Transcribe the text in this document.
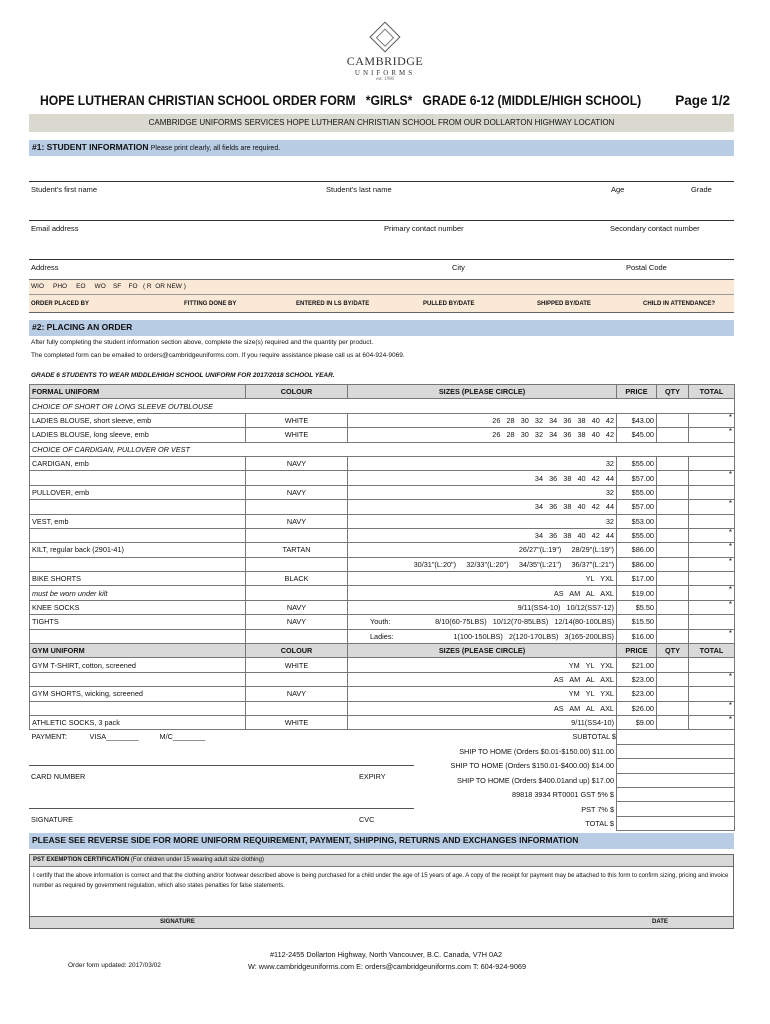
CAMBRIDGE
UNIFORMS
est. 1996
HOPE LUTHERAN CHRISTIAN SCHOOL ORDER FORM   *GIRLS*   GRADE 6-12 (MIDDLE/HIGH SCHOOL)	Page 1/2
CAMBRIDGE UNIFORMS SERVICES HOPE LUTHERAN CHRISTIAN SCHOOL FROM OUR DOLLARTON HIGHWAY LOCATION
#1: STUDENT INFORMATION Please print clearly, all fields are required.
Student's first name	Student's last name	Age	Grade
Email address	Primary contact number	Secondary contact number
Address	City	Postal Code
WIO     PHO     EO     WO    SF    FO   ( R  OR NEW )
ORDER PLACED BY	FITTING DONE BY	ENTERED IN LS BY/DATE	PULLED BY/DATE	SHIPPED BY/DATE	CHILD IN ATTENDANCE?
#2: PLACING AN ORDER
After fully completing the student information section above, complete the size(s) required and the quantity per product.
The completed form can be emailed to orders@cambridgeuniforms.com. If you require assistance please call us at 604-924-9069.
GRADE 6 STUDENTS TO WEAR MIDDLE/HIGH SCHOOL UNIFORM FOR 2017/2018 SCHOOL YEAR.
FORMAL UNIFORM	COLOUR	SIZES (PLEASE CIRCLE)	PRICE	QTY	TOTAL
CHOICE OF SHORT OR LONG SLEEVE OUTBLOUSE					
LADIES BLOUSE, short sleeve, emb	WHITE	26   28   30   32   34   36   38   40   42	$43.00		*
LADIES BLOUSE, long sleeve, emb	WHITE	26   28   30   32   34   36   38   40   42	$45.00		*
CHOICE OF CARDIGAN, PULLOVER OR VEST					
CARDIGAN, emb	NAVY	32	$55.00		
		34   36   38   40   42   44	$57.00		*
PULLOVER, emb	NAVY	32	$55.00		
		34   36   38   40   42   44	$57.00		*
VEST, emb	NAVY	32	$53.00		
		34   36   38   40   42   44	$55.00		*
KILT, regular back (2901-41)	TARTAN	26/27"(L:19")     28/29"(L:19")	$86.00		*
		30/31"(L:20")     32/33"(L:20")     34/35"(L:21")     36/37"(L:21")	$86.00		*
BIKE SHORTS	BLACK	YL   YXL	$17.00		
must be worn under kilt		AS   AM   AL   AXL	$19.00		*
KNEE SOCKS	NAVY	9/11(SS4-10)   10/12(SS7-12)	$5.50		*
TIGHTS	NAVY	Youth: 8/10(60-75LBS)   10/12(70-85LBS)   12/14(80-100LBS)	$15.50		

		Ladies: 1(100-150LBS)   2(120-170LBS)   3(165-200LBS)	$16.00		*
GYM UNIFORM	COLOUR	SIZES (PLEASE CIRCLE)	PRICE	QTY	TOTAL
GYM T-SHIRT, cotton, screened	WHITE	YM   YL   YXL	$21.00		
		AS   AM   AL   AXL	$23.00		*
GYM SHORTS, wicking, screened	NAVY	YM   YL   YXL	$23.00		
		AS   AM   AL   AXL	$26.00		*
ATHLETIC SOCKS, 3 pack	WHITE	9/11(SS4-10)	$9.00		*

PAYMENT: VISA________ M/C________ SUBTOTAL $					

SHIP TO HOME (Orders $0.01-$150.00) $11.00					
SHIP TO HOME (Orders $150.01-$400.00) $14.00					
SHIP TO HOME (Orders $400.01and up) $17.00					
89818 3934 RT0001 GST 5% $					
PST 7% $					
TOTAL $					
CARD NUMBER	EXPIRY
SIGNATURE	CVC
PLEASE SEE REVERSE SIDE FOR MORE UNIFORM REQUIREMENT, PAYMENT, SHIPPING, RETURNS AND EXCHANGES INFORMATION
PST EXEMPTION CERTIFICATION (For children under 15 wearing adult size clothing)
I certify that the above information is correct and that the clothing and/or footwear described above is being purchased for a child under the age of 15 years of age. A copy of the receipt for payment may be attached to this form to confirm sizing, pricing and invoice number as required by government regulation, which also states penalties for false statements.
SIGNATURE	DATE
Order form updated: 2017/03/02
#112-2455 Dollarton Highway, North Vancouver, B.C. Canada, V7H 0A2
W: www.cambridgeuniforms.com E: orders@cambridgeuniforms.com T: 604-924-9069
